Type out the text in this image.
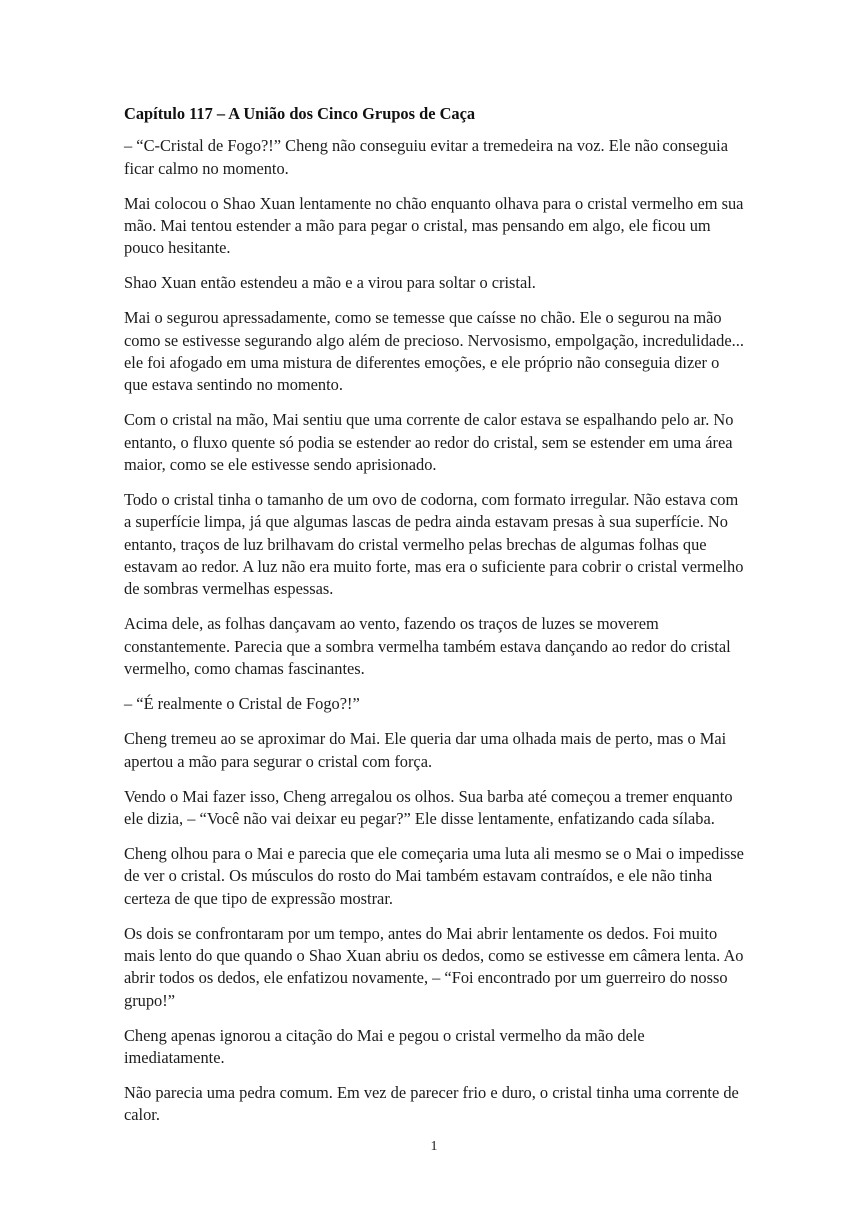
Capítulo 117 – A União dos Cinco Grupos de Caça

– “C-Cristal de Fogo?!” Cheng não conseguiu evitar a tremedeira na voz. Ele não conseguia ficar calmo no momento.

Mai colocou o Shao Xuan lentamente no chão enquanto olhava para o cristal vermelho em sua mão. Mai tentou estender a mão para pegar o cristal, mas pensando em algo, ele ficou um pouco hesitante.

Shao Xuan então estendeu a mão e a virou para soltar o cristal.

Mai o segurou apressadamente, como se temesse que caísse no chão. Ele o segurou na mão como se estivesse segurando algo além de precioso. Nervosismo, empolgação, incredulidade... ele foi afogado em uma mistura de diferentes emoções, e ele próprio não conseguia dizer o que estava sentindo no momento.

Com o cristal na mão, Mai sentiu que uma corrente de calor estava se espalhando pelo ar. No entanto, o fluxo quente só podia se estender ao redor do cristal, sem se estender em uma área maior, como se ele estivesse sendo aprisionado.

Todo o cristal tinha o tamanho de um ovo de codorna, com formato irregular. Não estava com a superfície limpa, já que algumas lascas de pedra ainda estavam presas à sua superfície. No entanto, traços de luz brilhavam do cristal vermelho pelas brechas de algumas folhas que estavam ao redor. A luz não era muito forte, mas era o suficiente para cobrir o cristal vermelho de sombras vermelhas espessas.

Acima dele, as folhas dançavam ao vento, fazendo os traços de luzes se moverem constantemente. Parecia que a sombra vermelha também estava dançando ao redor do cristal vermelho, como chamas fascinantes.

– “É realmente o Cristal de Fogo?!”

Cheng tremeu ao se aproximar do Mai. Ele queria dar uma olhada mais de perto, mas o Mai apertou a mão para segurar o cristal com força.

Vendo o Mai fazer isso, Cheng arregalou os olhos. Sua barba até começou a tremer enquanto ele dizia, – “Você não vai deixar eu pegar?” Ele disse lentamente, enfatizando cada sílaba.

Cheng olhou para o Mai e parecia que ele começaria uma luta ali mesmo se o Mai o impedisse de ver o cristal. Os músculos do rosto do Mai também estavam contraídos, e ele não tinha certeza de que tipo de expressão mostrar.

Os dois se confrontaram por um tempo, antes do Mai abrir lentamente os dedos. Foi muito mais lento do que quando o Shao Xuan abriu os dedos, como se estivesse em câmera lenta. Ao abrir todos os dedos, ele enfatizou novamente, – “Foi encontrado por um guerreiro do nosso grupo!”

Cheng apenas ignorou a citação do Mai e pegou o cristal vermelho da mão dele imediatamente.

Não parecia uma pedra comum. Em vez de parecer frio e duro, o cristal tinha uma corrente de calor.

1
